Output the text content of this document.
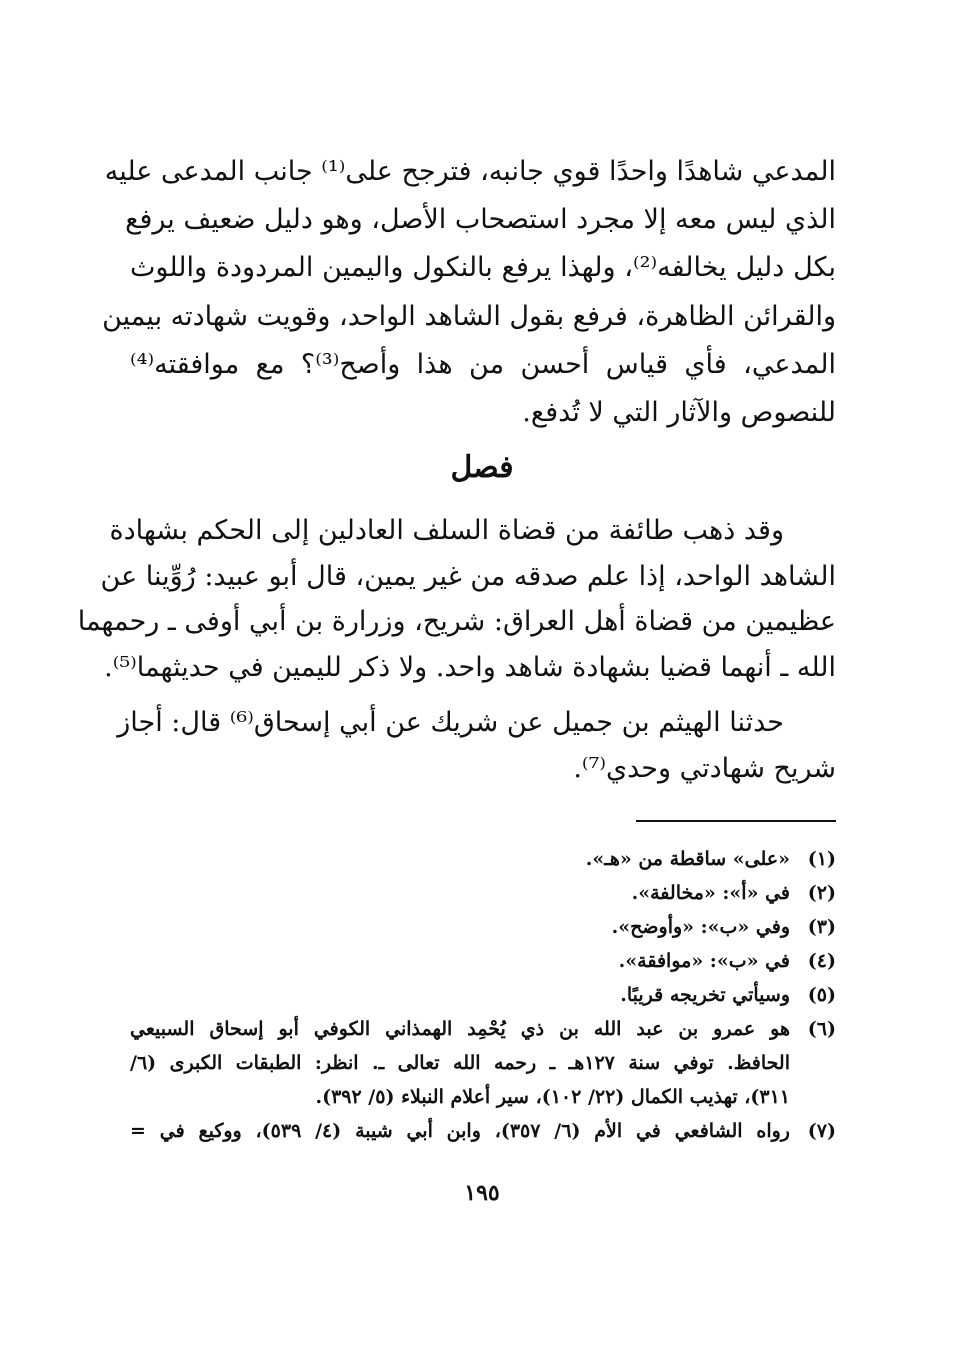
المدعي شاهدًا واحدًا قوي جانبه، فترجح على⁽¹⁾ جانب المدعى عليه
الذي ليس معه إلا مجرد استصحاب الأصل، وهو دليل ضعيف يرفع
بكل دليل يخالفه⁽²⁾، ولهذا يرفع بالنكول واليمين المردودة واللوث
والقرائن الظاهرة، فرفع بقول الشاهد الواحد، وقويت شهادته بيمين
المدعي، فأي قياس أحسن من هذا وأصح⁽³⁾؟ مع موافقته⁽⁴⁾
للنصوص والآثار التي لا تُدفع.
فصل
وقد ذهب طائفة من قضاة السلف العادلين إلى الحكم بشهادة
الشاهد الواحد، إذا علم صدقه من غير يمين، قال أبو عبيد: رُوِّينا عن
عظيمين من قضاة أهل العراق: شريح، وزرارة بن أبي أوفى ـ رحمهما
الله ـ أنهما قضيا بشهادة شاهد واحد. ولا ذكر لليمين في حديثهما⁽⁵⁾.
حدثنا الهيثم بن جميل عن شريك عن أبي إسحاق⁽⁶⁾ قال: أجاز
شريح شهادتي وحدي⁽⁷⁾.
(١)
«على» ساقطة من «هـ».
(٢)
في «أ»: «مخالفة».
(٣)
وفي «ب»: «وأوضح».
(٤)
في «ب»: «موافقة».
(٥)
وسيأتي تخريجه قريبًا.
(٦)
هو عمرو بن عبد الله بن ذي يُحْمِد الهمذاني الكوفي أبو إسحاق السبيعي
الحافظ. توفي سنة ١٢٧هـ ـ رحمه الله تعالى ـ. انظر: الطبقات الكبرى (٦/
٣١١)، تهذيب الكمال (٢٢/ ١٠٢)، سير أعلام النبلاء (٥/ ٣٩٢).
(٧)
رواه الشافعي في الأم (٦/ ٣٥٧)، وابن أبي شيبة (٤/ ٥٣٩)، ووكيع في =
١٩٥
